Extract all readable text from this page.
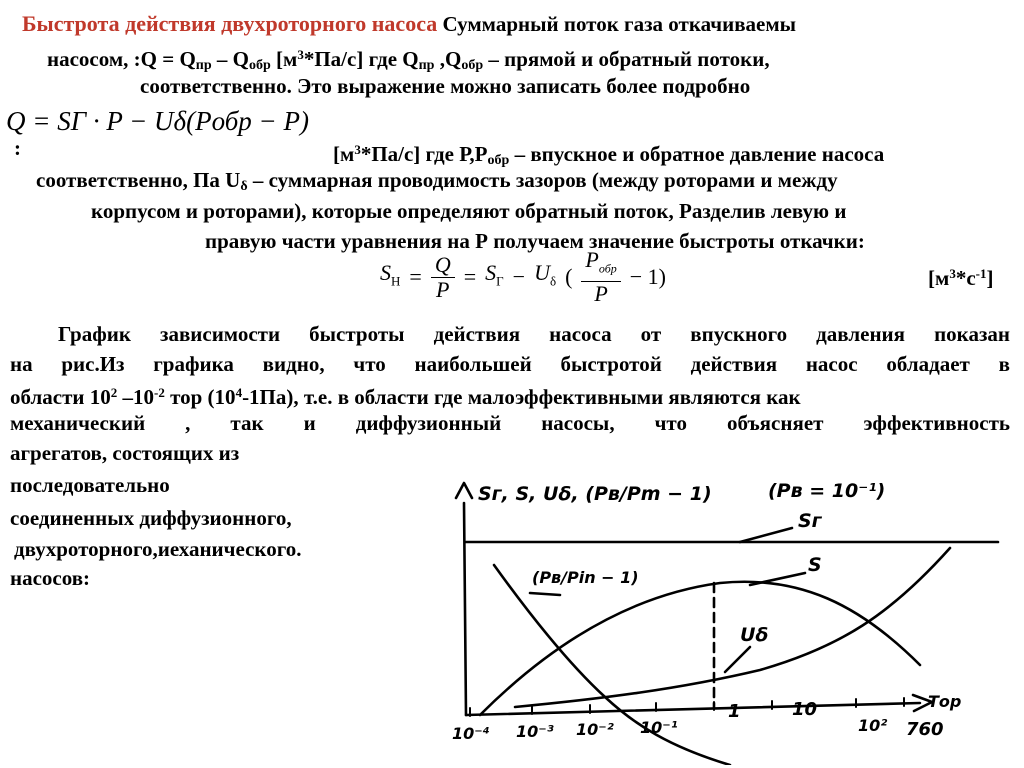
Быстрота действия двухроторного насоса Суммарный поток газа откачиваемы
насосом, :Q = $Q_{пр} - Q_{обр}$ $[м^3*Па/с]$ где $Q_{пр}$ $,Q_{обр}$ – прямой и обратный потоки,
соответственно. Это выражение можно записать более подробно
Q = SГ · P − Uδ(Pобр − P)
:	$[м^3*Па/с]$ где $Р,Р_{обр}$ – впускное и обратное давление насоса
соответственно, Па $U_\delta$ – суммарная проводимость зазоров (между роторами и между
корпусом и роторами), которые определяют обратный поток, Разделив левую и
правую части уравнения на Р получаем значение быстроты откачки:
$S_Н = \frac{Q}{P} = S_Г - U_\delta$ ( $\frac{P_{обр}}{P} - 1$)	$[м^3*с^{-1}]$
График зависимости быстроты действия насоса от впускного давления показан
на рис.Из графика видно, что наибольшей быстротой действия насос обладает в
области $10^2$ $-10^{-2}$ тор $(10^4-1Па)$, т.е. в области где малоэффективными являются как
механический , так и диффузионный насосы, что объясняет эффективность
агрегатов, состоящих из
последовательно
соединенных диффузионного,
двухроторного,иеханического.
насосов:
Sг, S, Uδ, (Pв/Pm − 1)	(Pв = 10⁻¹)
Sг
S
Uδ
(Pв/Pin − 1)
Тор
10⁻⁴ 10⁻³ 10⁻² 10⁻¹
1	10
10² 760
